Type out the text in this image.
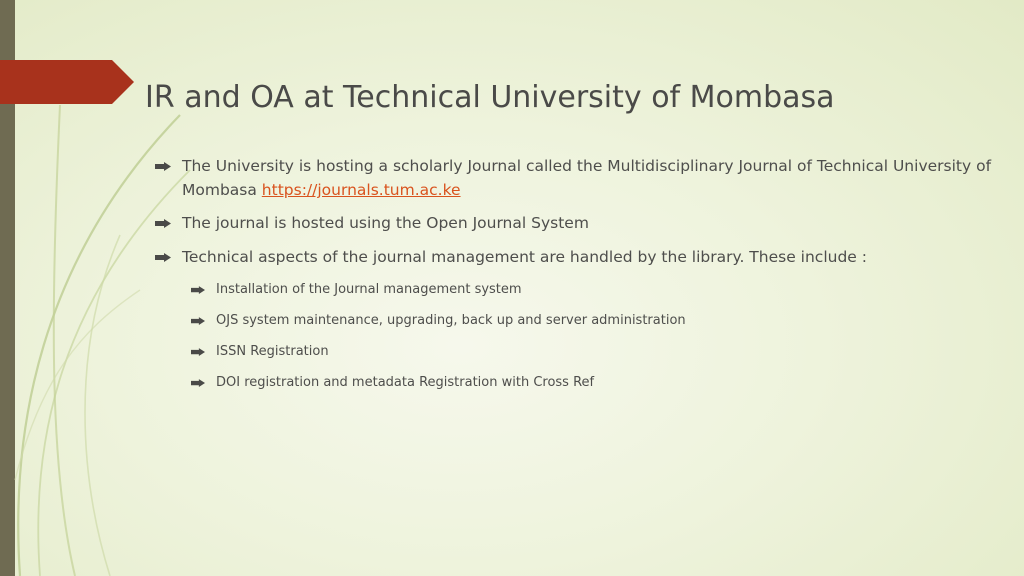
IR and OA at Technical University of Mombasa
The University is hosting a scholarly Journal called the Multidisciplinary Journal of Technical University of Mombasa https://journals.tum.ac.ke
The journal is hosted using the Open Journal System
Technical aspects of the journal management are handled by the library. These include :
Installation of the Journal management system
OJS system maintenance, upgrading, back up and server administration
ISSN Registration
DOI registration and metadata Registration with Cross Ref
